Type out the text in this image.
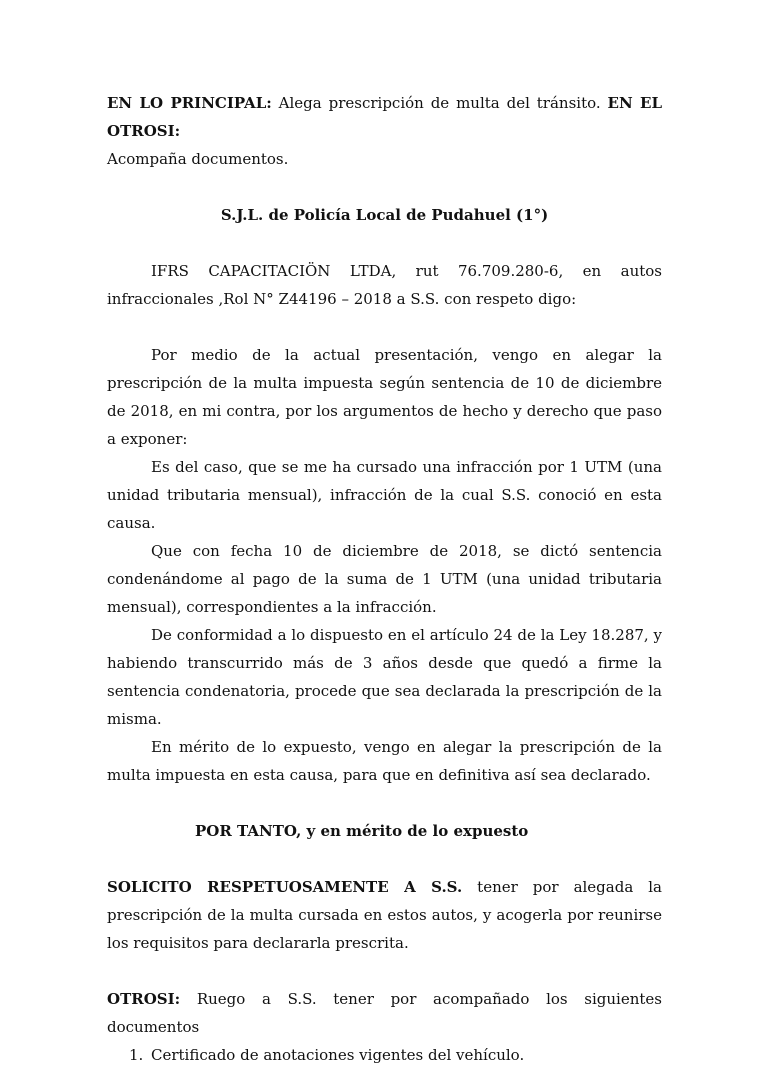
EN LO PRINCIPAL: Alega prescripción de multa del tránsito. EN EL OTROSI:
Acompaña documentos.

S.J.L. de Policía Local de Pudahuel (1°)

IFRS CAPACITACIÖN LTDA, rut 76.709.280-6, en autos infraccionales ,Rol N° Z44196 – 2018 a S.S. con respeto digo:

Por medio de la actual presentación, vengo en alegar la prescripción de la multa impuesta según sentencia de 10 de diciembre de 2018, en mi contra, por los argumentos de hecho y derecho que paso a exponer:

Es del caso, que se me ha cursado una infracción por 1 UTM (una unidad tributaria mensual), infracción de la cual S.S. conoció en esta causa.

Que con fecha 10 de diciembre de 2018, se dictó sentencia condenándome al pago de la suma de 1 UTM (una unidad tributaria mensual), correspondientes a la infracción.

De conformidad a lo dispuesto en el artículo 24 de la Ley 18.287, y habiendo transcurrido más de 3 años desde que quedó a firme la sentencia condenatoria, procede que sea declarada la prescripción de la misma.

En mérito de lo expuesto, vengo en alegar la prescripción de la multa impuesta en esta causa, para que en definitiva así sea declarado.

POR TANTO, y en mérito de lo expuesto

SOLICITO RESPETUOSAMENTE A S.S. tener por alegada la prescripción de la multa cursada en estos autos, y acogerla por reunirse los requisitos para declararla prescrita.

OTROSI: Ruego a S.S. tener por acompañado los siguientes documentos

1. Certificado de anotaciones vigentes del vehículo.
